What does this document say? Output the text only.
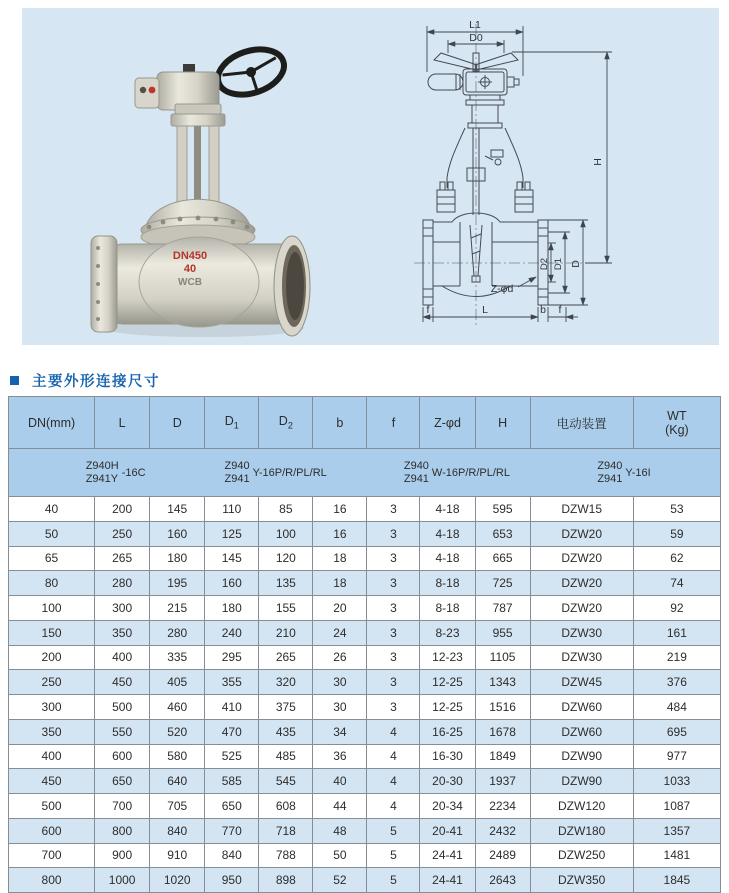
DN450
40
WCB
L1
D0
H
D2 D1 D
Z-φd
f	L	b f
主要外形连接尺寸
DN(mm)	L	D	$D_1$	$D_2$	b	f	Z-φd	H	电动装置	WT
(Kg)

Z940H
Z941Y -16C
Z940
Z941 Y-16P/R/PL/RL
Z940
Z941 W-16P/R/PL/RL
Z940
Z941 Y-16I

40	200	145	110	85	16	3	4-18	595	DZW15	53
50	250	160	125	100	16	3	4-18	653	DZW20	59
65	265	180	145	120	18	3	4-18	665	DZW20	62
80	280	195	160	135	18	3	8-18	725	DZW20	74
100	300	215	180	155	20	3	8-18	787	DZW20	92
150	350	280	240	210	24	3	8-23	955	DZW30	161
200	400	335	295	265	26	3	12-23	1105	DZW30	219
250	450	405	355	320	30	3	12-25	1343	DZW45	376
300	500	460	410	375	30	3	12-25	1516	DZW60	484
350	550	520	470	435	34	4	16-25	1678	DZW60	695
400	600	580	525	485	36	4	16-30	1849	DZW90	977
450	650	640	585	545	40	4	20-30	1937	DZW90	1033
500	700	705	650	608	44	4	20-34	2234	DZW120	1087
600	800	840	770	718	48	5	20-41	2432	DZW180	1357
700	900	910	840	788	50	5	24-41	2489	DZW250	1481
800	1000	1020	950	898	52	5	24-41	2643	DZW350	1845
